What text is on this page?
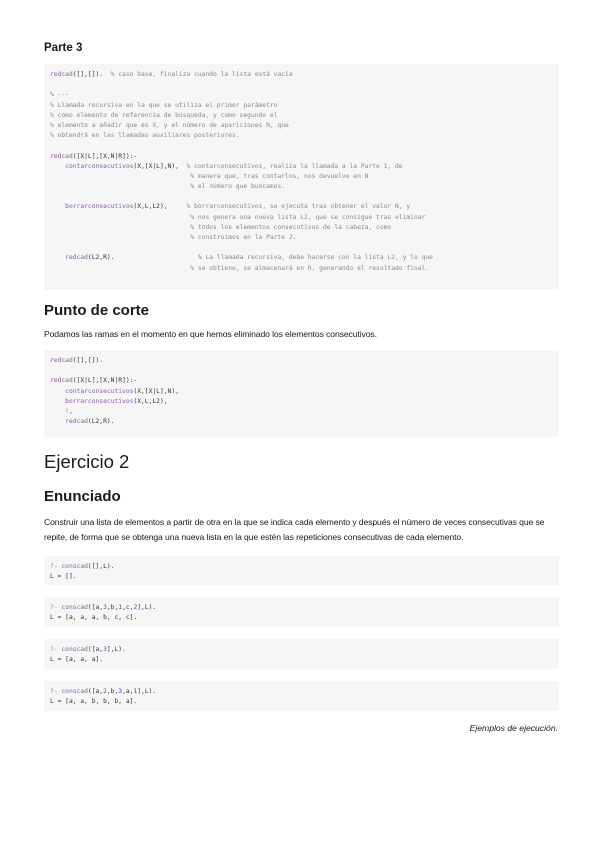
Parte 3
redcad([],[]).  % caso base, finaliza cuando la lista está vacía
% ---
% Llamada recursiva en la que se utiliza el primer parámetro
% como elemento de referencia de búsqueda, y como segundo el
% elemento a añadir que es X, y el número de apariciones N, que
% obtendrá en las llamadas auxiliares posteriores.
redcad([X|L],[X,N|R]):-
contarconsecutivos(X,[X|L],N),  % contarconsecutivos, realiza la llamada a la Parte 1, de
% manera que, tras contarlos, nos devuelve en N
% el número que buscamos.
borrarconsecutivos(X,L,L2),     % borrarconsecutivos, se ejecuta tras obtener el valor N, y
% nos genera una nueva lista L2, que se consigue tras eliminar
% todos los elementos consecutivos de la cabeza, como
% construimos en la Parte 2.
redcad(L2,R).                      % La llamada recursiva, debe hacerse con la lista L2, y lo que
% se obtiene, se almacenará en R, generando el resultado final.
Punto de corte

Podamos las ramas en el momento en que hemos eliminado los elementos consecutivos.

redcad([],[]).
redcad([X|L],[X,N|R]):-
contarconsecutivos(X,[X|L],N),
borrarconsecutivos(X,L,L2),
!,
redcad(L2,R).
Ejercicio 2
Enunciado

Construir una lista de elementos a partir de otra en la que se indica cada elemento y después el número de veces consecutivas que se repite, de forma que se obtenga una nueva lista en la que estén las repeticiones consecutivas de cada elemento.

?- conscad([],L).
L = [].
?- conscad([a,3,b,1,c,2],L).
L = [a, a, a, b, c, c].
?- conscad([a,3],L).
L = [a, a, a].
?- conscad([a,2,b,3,a,1],L).
L = [a, a, b, b, b, a].

Ejemplos de ejecución.
